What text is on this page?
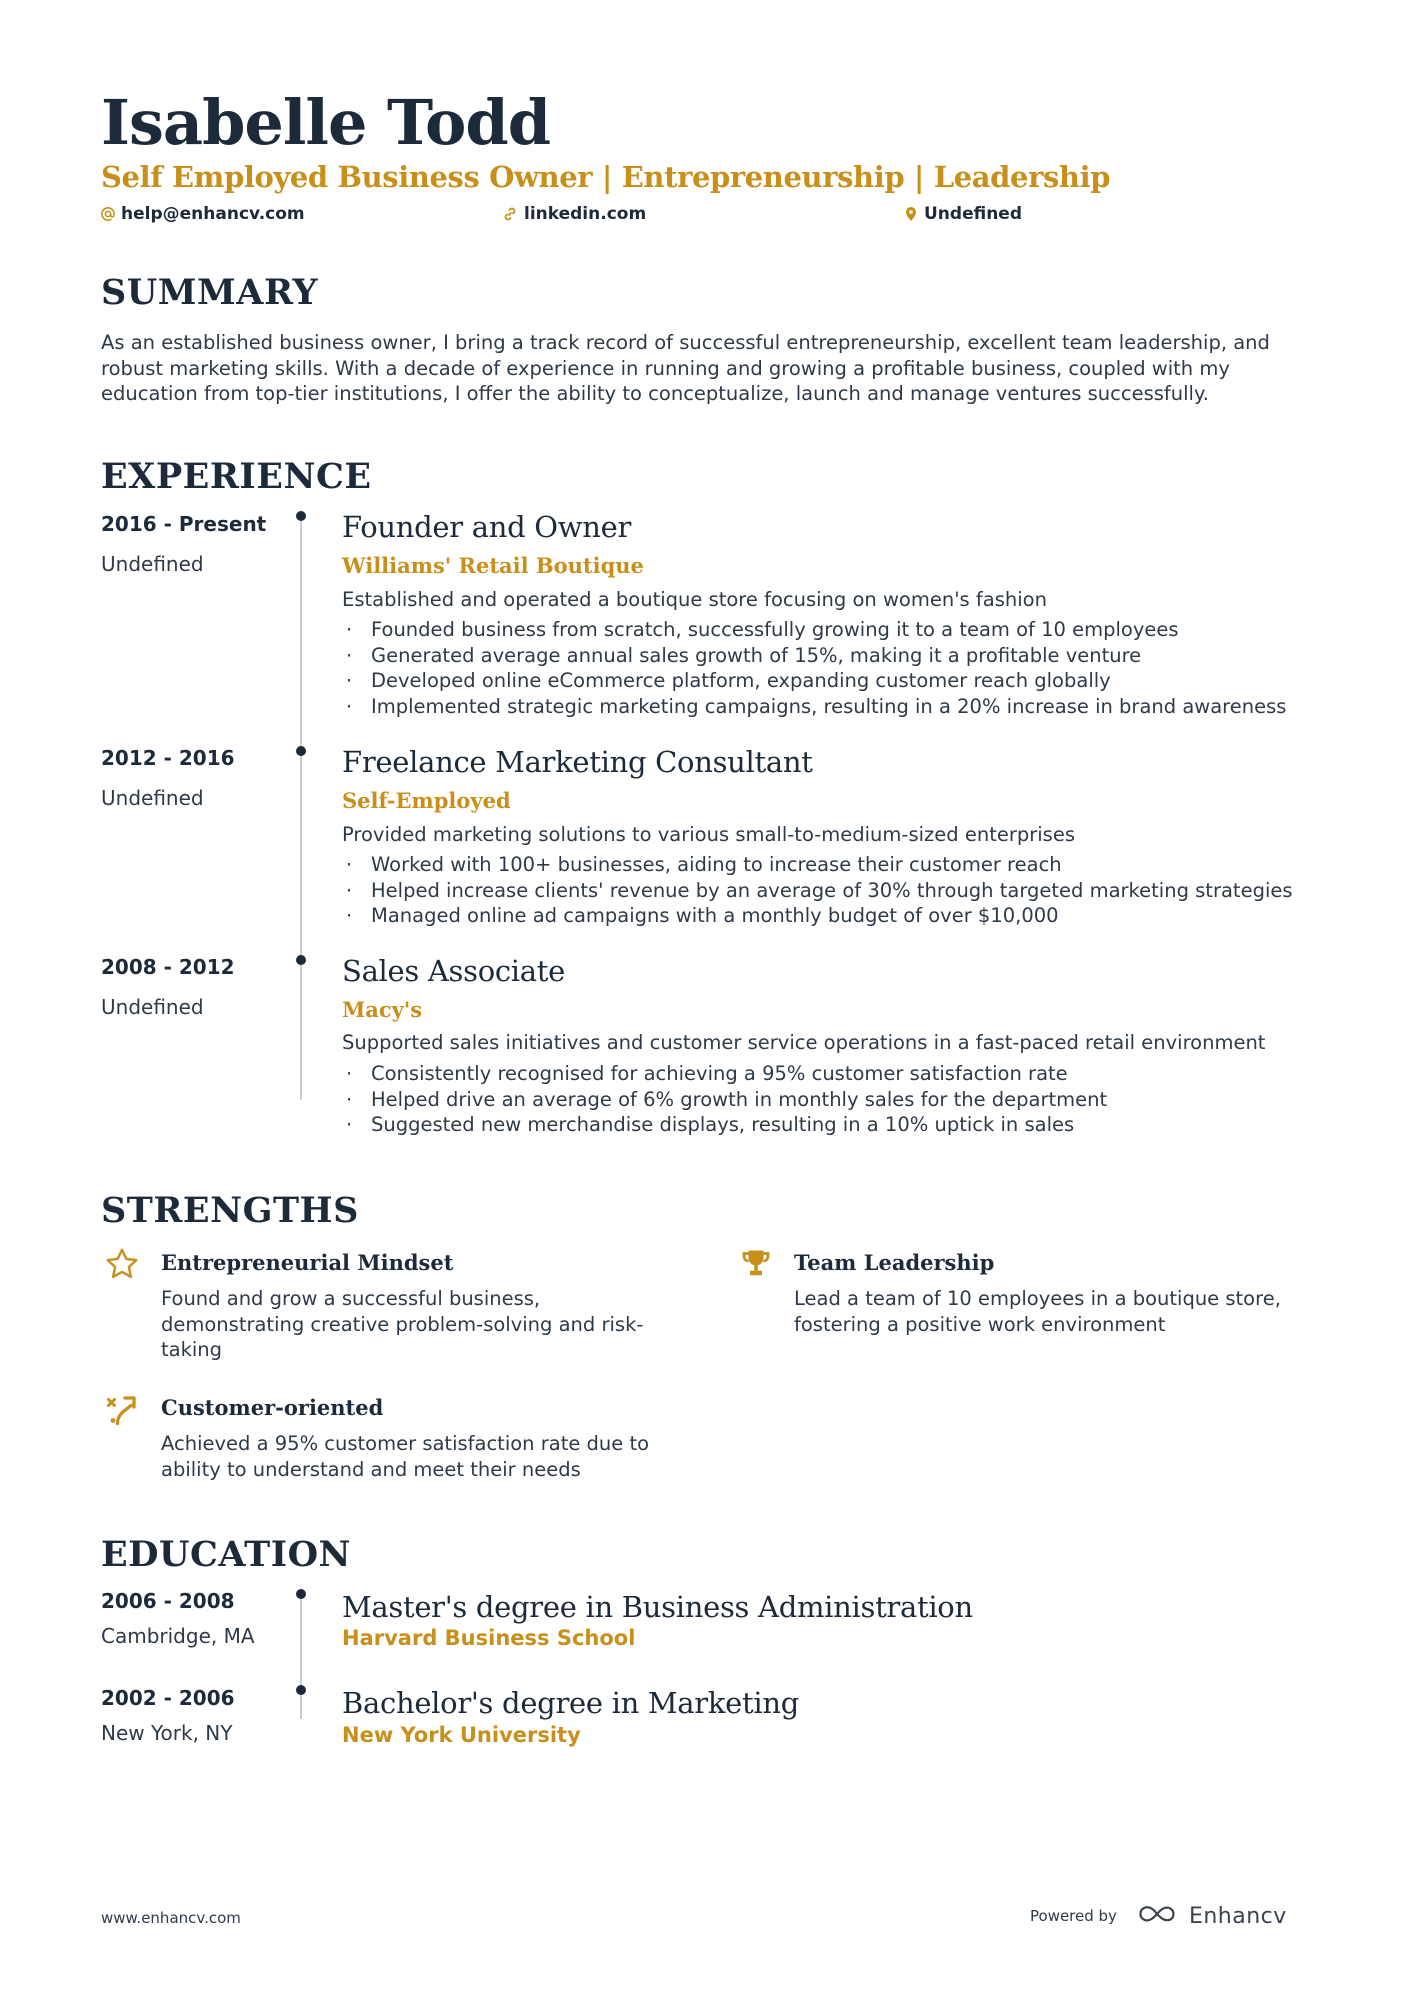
Isabelle Todd
Self Employed Business Owner | Entrepreneurship | Leadership
help@enhancv.com	linkedin.com	Undefined
SUMMARY
As an established business owner, I bring a track record of successful entrepreneurship, excellent team leadership, and robust marketing skills. With a decade of experience in running and growing a profitable business, coupled with my education from top-tier institutions, I offer the ability to conceptualize, launch and manage ventures successfully.
EXPERIENCE
2016 - Present
Undefined
Founder and Owner
Williams' Retail Boutique
Established and operated a boutique store focusing on women's fashion
· Founded business from scratch, successfully growing it to a team of 10 employees
· Generated average annual sales growth of 15%, making it a profitable venture
· Developed online eCommerce platform, expanding customer reach globally
· Implemented strategic marketing campaigns, resulting in a 20% increase in brand awareness
2012 - 2016
Undefined
Freelance Marketing Consultant
Self-Employed
Provided marketing solutions to various small-to-medium-sized enterprises
· Worked with 100+ businesses, aiding to increase their customer reach
· Helped increase clients' revenue by an average of 30% through targeted marketing strategies
· Managed online ad campaigns with a monthly budget of over $10,000
2008 - 2012
Undefined
Sales Associate
Macy's
Supported sales initiatives and customer service operations in a fast-paced retail environment
· Consistently recognised for achieving a 95% customer satisfaction rate
· Helped drive an average of 6% growth in monthly sales for the department
· Suggested new merchandise displays, resulting in a 10% uptick in sales
STRENGTHS
Entrepreneurial Mindset
Found and grow a successful business, demonstrating creative problem-solving and risk-taking
Team Leadership
Lead a team of 10 employees in a boutique store, fostering a positive work environment
Customer-oriented
Achieved a 95% customer satisfaction rate due to ability to understand and meet their needs
EDUCATION
2006 - 2008
Cambridge, MA
Master's degree in Business Administration
Harvard Business School
2002 - 2006
New York, NY
Bachelor's degree in Marketing
New York University
www.enhancv.com	Powered by	Enhancv
